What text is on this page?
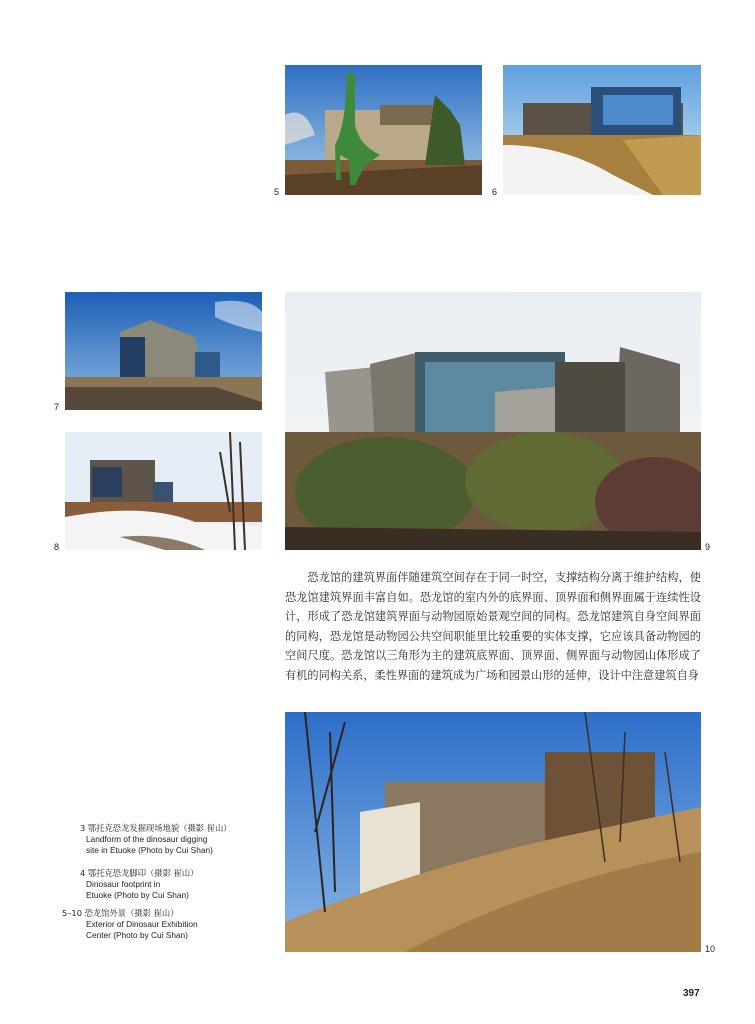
5	6
7
8	9
恐龙馆的建筑界面伴随建筑空间存在于同一时空，支撑结构分离于维护结构，使恐龙馆建筑界面丰富自如。恐龙馆的室内外的底界面、顶界面和侧界面属于连续性设计，形成了恐龙馆建筑界面与动物园原始景观空间的同构。恐龙馆建筑自身空间界面的同构，恐龙馆是动物园公共空间职能里比较重要的实体支撑，它应该具备动物园的空间尺度。恐龙馆以三角形为主的建筑底界面、顶界面、侧界面与动物园山体形成了有机的同构关系，柔性界面的建筑成为广场和园景山形的延伸，设计中注意建筑自身
10
3 鄂托克恐龙发掘现场地貌（摄影 崔山）
Landform of the dinosaur digging
site in Etuoke (Photo by Cui Shan)
4 鄂托克恐龙脚印（摄影 崔山）
Dinosaur footprint in
Etuoke (Photo by Cui Shan)
5–10 恐龙馆外景（摄影 崔山）
Exterior of Dinosaur Exhibition
Center (Photo by Cui Shan)
397
